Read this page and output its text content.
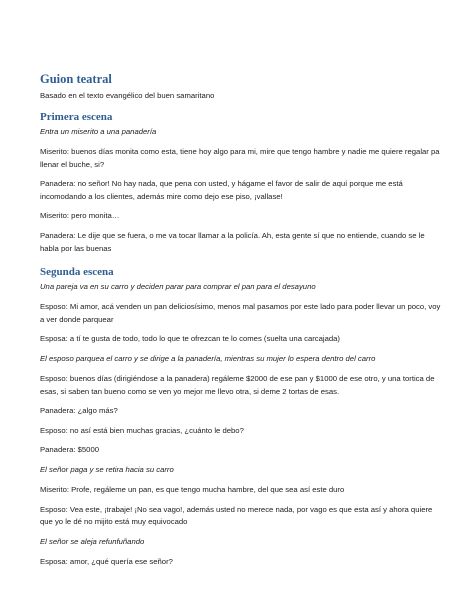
Guion teatral

Basado en el texto evangélico del buen samaritano

Primera escena

Entra un miserito a una panadería

Miserito: buenos días monita como esta, tiene hoy algo para mi, mire que tengo hambre y nadie me quiere regalar pa llenar el buche, si?

Panadera: no señor! No hay nada, que pena con usted, y hágame el favor de salir de aquí porque me está incomodando a los clientes, además mire como dejo ese piso, ¡vallase!

Miserito: pero monita…

Panadera: Le dije que se fuera, o me va tocar llamar a la policía. Ah, esta gente sí que no entiende, cuando se le habla por las buenas

Segunda escena

Una pareja va en su carro y deciden parar para comprar el pan para el desayuno

Esposo: Mi amor, acá venden un pan deliciosísimo, menos mal pasamos por este lado para poder llevar un poco, voy a ver donde parquear

Esposa: a tí te gusta de todo, todo lo que te ofrezcan te lo comes (suelta una carcajada)

El esposo parquea el carro y se dirige a la panadería, mientras su mujer lo espera dentro del carro

Esposo: buenos días (dirigiéndose a la panadera) regáleme $2000 de ese pan y $1000 de ese otro, y una tortica de esas, si saben tan bueno como se ven yo mejor me llevo otra, si deme 2 tortas de esas.

Panadera: ¿algo más?

Esposo: no así está bien muchas gracias, ¿cuánto le debo?

Panadera: $5000

El señor paga y se retira hacia su carro

Miserito: Profe, regáleme un pan, es que tengo mucha hambre, del que sea así este duro

Esposo: Vea este, ¡trabaje! ¡No sea vago!, además usted no merece nada, por vago es que esta así y ahora quiere que yo le dé no mijito está muy equivocado

El señor se aleja refunfuñando

Esposa: amor, ¿qué quería ese señor?
